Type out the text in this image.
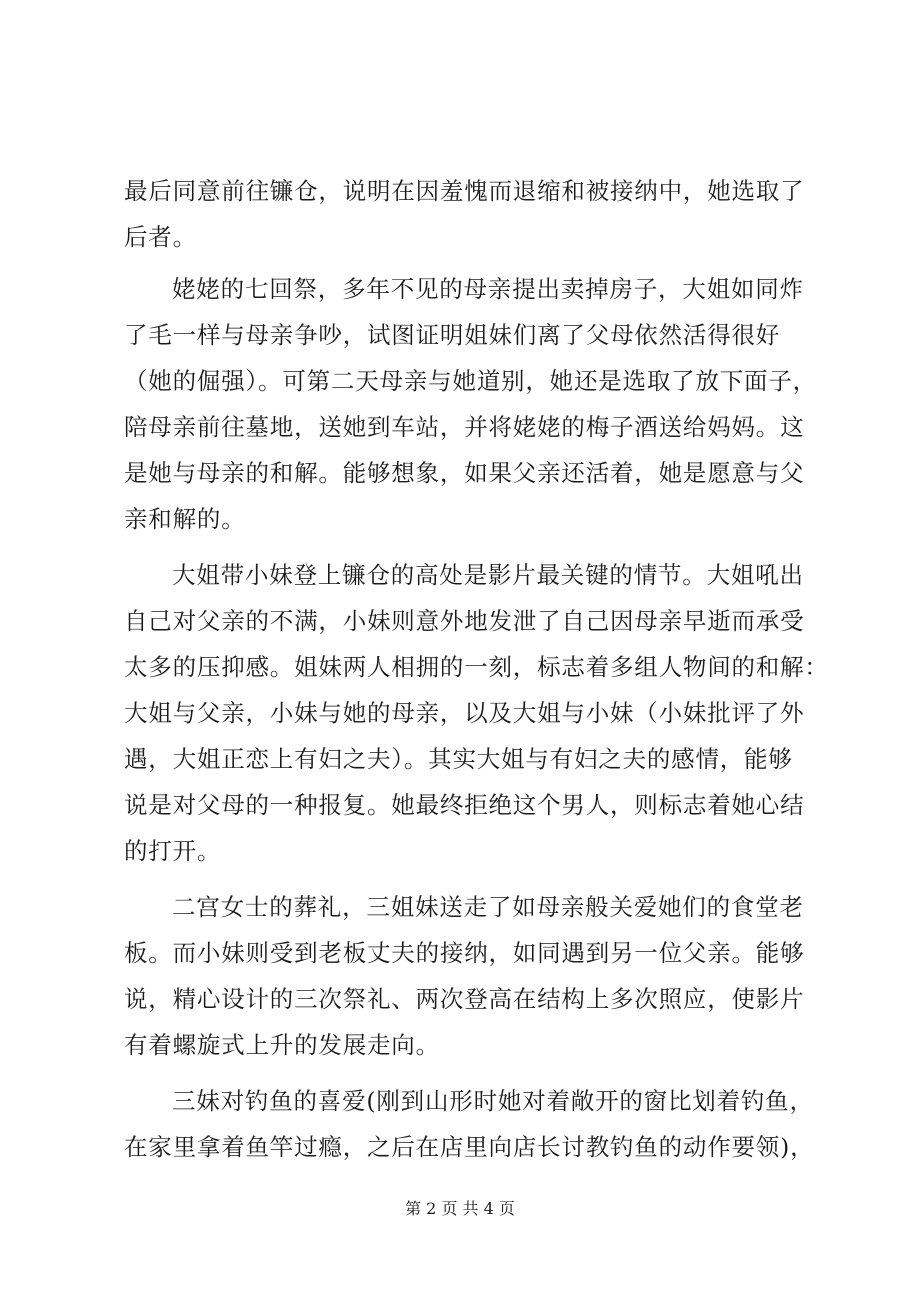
最后同意前往镰仓，说明在因羞愧而退缩和被接纳中，她选取了
后者。
姥姥的七回祭，多年不见的母亲提出卖掉房子，大姐如同炸
了毛一样与母亲争吵，试图证明姐妹们离了父母依然活得很好
（她的倔强）。可第二天母亲与她道别，她还是选取了放下面子，
陪母亲前往墓地，送她到车站，并将姥姥的梅子酒送给妈妈。这
是她与母亲的和解。能够想象，如果父亲还活着，她是愿意与父
亲和解的。
大姐带小妹登上镰仓的高处是影片最关键的情节。大姐吼出
自己对父亲的不满，小妹则意外地发泄了自己因母亲早逝而承受
太多的压抑感。姐妹两人相拥的一刻，标志着多组人物间的和解：
大姐与父亲，小妹与她的母亲，以及大姐与小妹（小妹批评了外
遇，大姐正恋上有妇之夫）。其实大姐与有妇之夫的感情，能够
说是对父母的一种报复。她最终拒绝这个男人，则标志着她心结
的打开。
二宫女士的葬礼，三姐妹送走了如母亲般关爱她们的食堂老
板。而小妹则受到老板丈夫的接纳，如同遇到另一位父亲。能够
说，精心设计的三次祭礼、两次登高在结构上多次照应，使影片
有着螺旋式上升的发展走向。
三妹对钓鱼的喜爱(刚到山形时她对着敞开的窗比划着钓鱼，
在家里拿着鱼竿过瘾，之后在店里向店长讨教钓鱼的动作要领)，
第 2 页 共 4 页
